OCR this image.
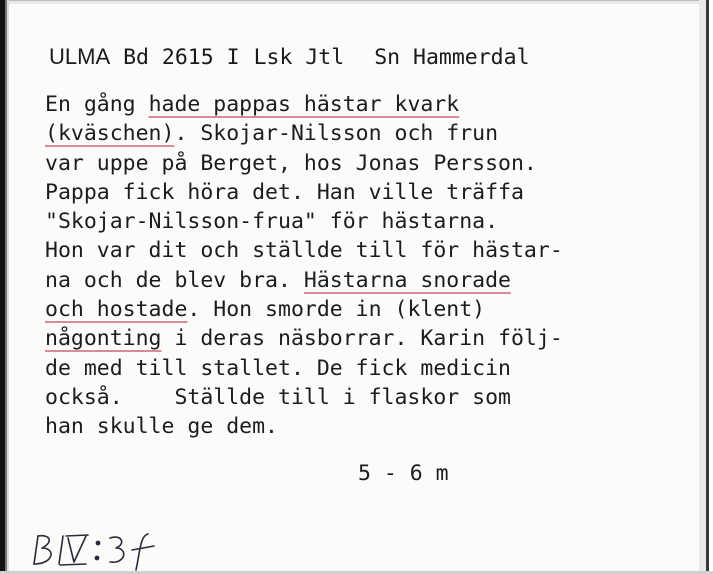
ULMA Bd 2615 I Lsk Jtl Sn Hammerdal
En gång hade pappas hästar kvark
(kväschen). Skojar-Nilsson och frun
var uppe på Berget, hos Jonas Persson.
Pappa fick höra det. Han ville träffa
"Skojar-Nilsson-frua" för hästarna.
Hon var dit och ställde till för hästar-
na och de blev bra. Hästarna snorade
och hostade. Hon smorde in (klent)
någonting i deras näsborrar. Karin följ-
de med till stallet. De fick medicin
också.    Ställde till i flaskor som
han skulle ge dem.
5 - 6 m
